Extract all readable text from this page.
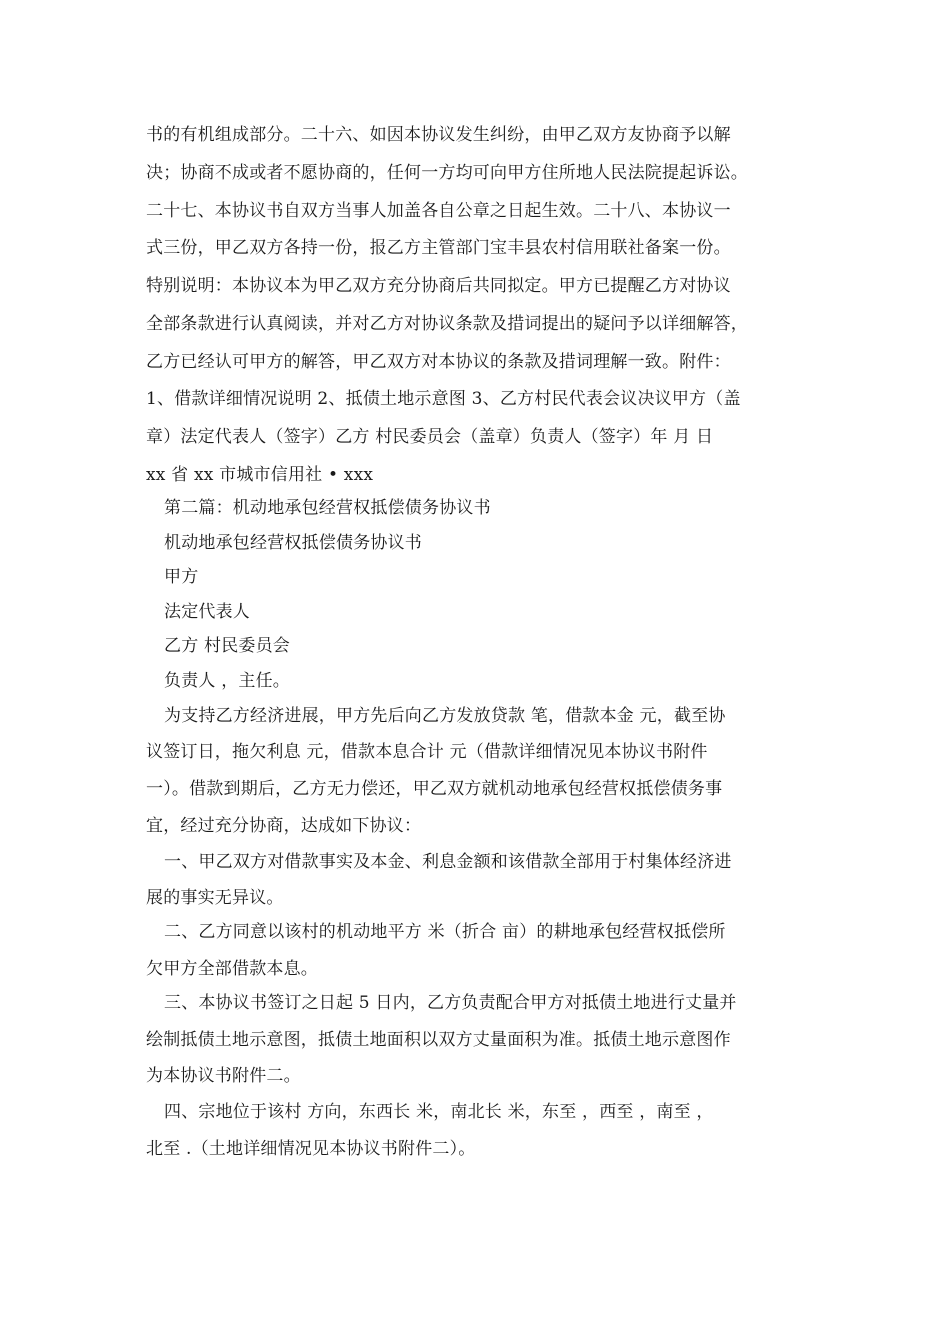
书的有机组成部分。二十六、如因本协议发生纠纷，由甲乙双方友协商予以解
决；协商不成或者不愿协商的，任何一方均可向甲方住所地人民法院提起诉讼。
二十七、本协议书自双方当事人加盖各自公章之日起生效。二十八、本协议一
式三份，甲乙双方各持一份，报乙方主管部门宝丰县农村信用联社备案一份。
特别说明：本协议本为甲乙双方充分协商后共同拟定。甲方已提醒乙方对协议
全部条款进行认真阅读，并对乙方对协议条款及措词提出的疑问予以详细解答，
乙方已经认可甲方的解答，甲乙双方对本协议的条款及措词理解一致。附件：
1、借款详细情况说明 2、抵债土地示意图 3、乙方村民代表会议决议甲方（盖
章）法定代表人（签字）乙方 村民委员会（盖章）负责人（签字）年 月 日
xx 省 xx 市城市信用社 • xxx
第二篇：机动地承包经营权抵偿债务协议书
机动地承包经营权抵偿债务协议书
甲方
法定代表人
乙方 村民委员会
负责人 ，主任。
为支持乙方经济进展，甲方先后向乙方发放贷款 笔，借款本金 元，截至协
议签订日，拖欠利息 元，借款本息合计 元（借款详细情况见本协议书附件
一）。借款到期后，乙方无力偿还，甲乙双方就机动地承包经营权抵偿债务事
宜，经过充分协商，达成如下协议：
一、甲乙双方对借款事实及本金、利息金额和该借款全部用于村集体经济进
展的事实无异议。
二、乙方同意以该村的机动地平方 米（折合 亩）的耕地承包经营权抵偿所
欠甲方全部借款本息。
三、本协议书签订之日起 5 日内，乙方负责配合甲方对抵债土地进行丈量并
绘制抵债土地示意图，抵债土地面积以双方丈量面积为准。抵债土地示意图作
为本协议书附件二。
四、宗地位于该村 方向，东西长 米，南北长 米，东至 ，西至 ，南至 ，
北至 .（土地详细情况见本协议书附件二）。
